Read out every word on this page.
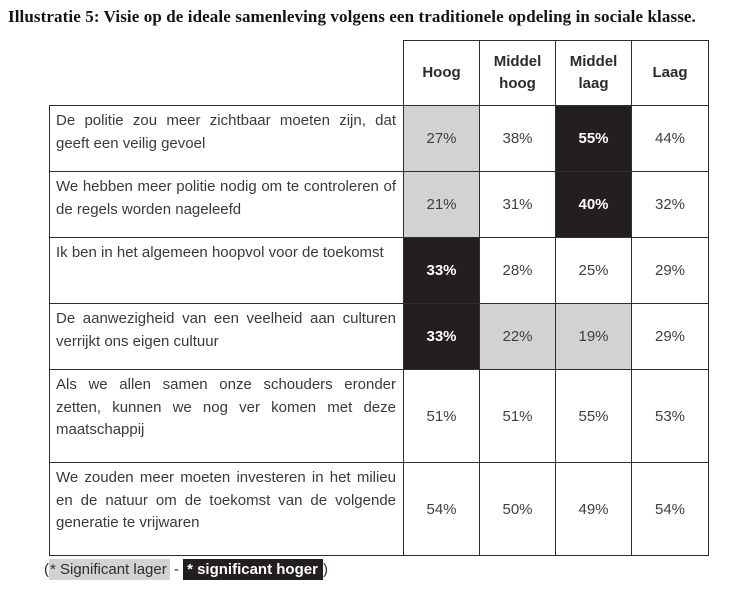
Illustratie 5: Visie op de ideale samenleving volgens een traditionele opdeling in sociale klasse.
	Hoog	Middel hoog	Middel laag	Laag
De politie zou meer zichtbaar moeten zijn, dat geeft een veilig gevoel	27%	38%	55%	44%
We hebben meer politie nodig om te controleren of de regels worden nageleefd	21%	31%	40%	32%
Ik ben in het algemeen hoopvol voor de toekomst	33%	28%	25%	29%
De aanwezigheid van een veelheid aan culturen verrijkt ons eigen cultuur	33%	22%	19%	29%
Als we allen samen onze schouders eronder zetten, kunnen we nog ver komen met deze maatschappij	51%	51%	55%	53%
We zouden meer moeten investeren in het milieu en de natuur om de toekomst van de volgende generatie te vrijwaren	54%	50%	49%	54%
(* Significant lager - * significant hoger )
